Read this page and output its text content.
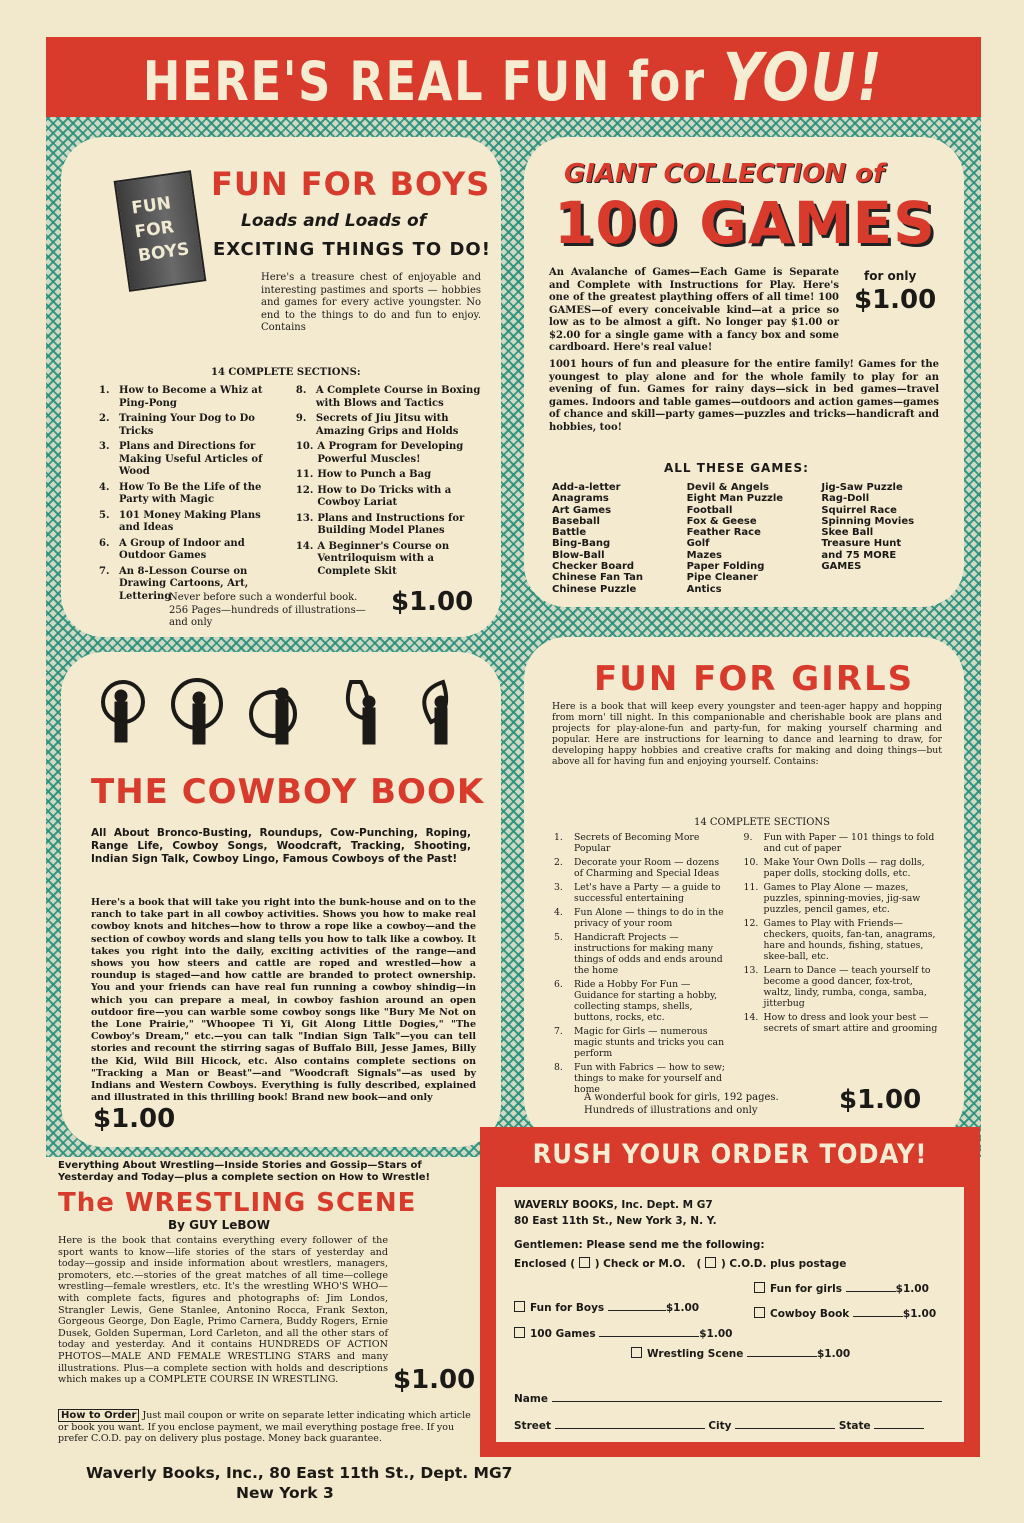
HERE'S REAL FUN for YOU!
FUN
FOR
BOYS
FUN FOR BOYS
Loads and Loads of
EXCITING THINGS TO DO!

Here's a treasure chest of enjoyable and interesting pastimes and sports — hobbies and games for every active youngster. No end to the things to do and fun to enjoy. Contains

14 COMPLETE SECTIONS:
1. How to Become a Whiz at Ping-Pong
2. Training Your Dog to Do Tricks
3. Plans and Directions for Making Useful Articles of Wood
4. How To Be the Life of the Party with Magic
5. 101 Money Making Plans and Ideas
6. A Group of Indoor and Outdoor Games
7. An 8-Lesson Course on Drawing Cartoons, Art, Lettering
8. A Complete Course in Boxing with Blows and Tactics
9. Secrets of Jiu Jitsu with Amazing Grips and Holds
10. A Program for Developing Powerful Muscles!
11. How to Punch a Bag
12. How to Do Tricks with a Cowboy Lariat
13. Plans and Instructions for Building Model Planes
14. A Beginner's Course on Ventriloquism with a Complete Skit

Never before such a wonderful book. 256 Pages—hundreds of illustrations—and only

$1.00
GIANT COLLECTION of
100 GAMES

An Avalanche of Games—Each Game is Separate and Complete with Instructions for Play. Here's one of the greatest plaything offers of all time! 100 GAMES—of every conceivable kind—at a price so low as to be almost a gift. No longer pay $1.00 or $2.00 for a single game with a fancy box and some cardboard. Here's real value!

for only
$1.00

1001 hours of fun and pleasure for the entire family! Games for the youngest to play alone and for the whole family to play for an evening of fun. Games for rainy days—sick in bed games—travel games. Indoors and table games—outdoors and action games—games of chance and skill—party games—puzzles and tricks—handicraft and hobbies, too!

ALL THESE GAMES:
Add-a-letter
Anagrams
Art Games
Baseball
Battle
Bing-Bang
Blow-Ball
Checker Board
Chinese Fan Tan
Chinese Puzzle
Devil & Angels
Eight Man Puzzle
Football
Fox & Geese
Feather Race
Golf
Mazes
Paper Folding
Pipe Cleaner
Antics
Jig-Saw Puzzle
Rag-Doll
Squirrel Race
Spinning Movies
Skee Ball
Treasure Hunt
and 75 MORE
GAMES
THE COWBOY BOOK

All About Bronco-Busting, Roundups, Cow-Punching, Roping, Range Life, Cowboy Songs, Woodcraft, Tracking, Shooting, Indian Sign Talk, Cowboy Lingo, Famous Cowboys of the Past!

Here's a book that will take you right into the bunk-house and on to the ranch to take part in all cowboy activities. Shows you how to make real cowboy knots and hitches—how to throw a rope like a cowboy—and the section of cowboy words and slang tells you how to talk like a cowboy. It takes you right into the daily, exciting activities of the range—and shows you how steers and cattle are roped and wrestled—how a roundup is staged—and how cattle are branded to protect ownership. You and your friends can have real fun running a cowboy shindig—in which you can prepare a meal, in cowboy fashion around an open outdoor fire—you can warble some cowboy songs like "Bury Me Not on the Lone Prairie," "Whoopee Ti Yi, Git Along Little Dogies," "The Cowboy's Dream," etc.—you can talk "Indian Sign Talk"—you can tell stories and recount the stirring sagas of Buffalo Bill, Jesse James, Billy the Kid, Wild Bill Hicock, etc. Also contains complete sections on "Tracking a Man or Beast"—and "Woodcraft Signals"—as used by Indians and Western Cowboys. Everything is fully described, explained and illustrated in this thrilling book! Brand new book—and only

$1.00
FUN FOR GIRLS

Here is a book that will keep every youngster and teen-ager happy and hopping from morn' till night. In this companionable and cherishable book are plans and projects for play-alone-fun and party-fun, for making yourself charming and popular. Here are instructions for learning to dance and learning to draw, for developing happy hobbies and creative crafts for making and doing things—but above all for having fun and enjoying yourself. Contains:

14 COMPLETE SECTIONS
1.	Secrets of Becoming More Popular
2.	Decorate your Room — dozens of Charming and Special Ideas
3.	Let's have a Party — a guide to successful entertaining
4.	Fun Alone — things to do in the privacy of your room
5.	Handicraft Projects — instructions for making many things of odds and ends around the home
6.	Ride a Hobby For Fun — Guidance for starting a hobby, collecting stamps, shells, buttons, rocks, etc.
7.	Magic for Girls — numerous magic stunts and tricks you can perform
8.	Fun with Fabrics — how to sew; things to make for yourself and home
9.	Fun with Paper — 101 things to fold and cut of paper
10. Make Your Own Dolls — rag dolls, paper dolls, stocking dolls, etc.
11. Games to Play Alone — mazes, puzzles, spinning-movies, jig-saw puzzles, pencil games, etc.
12. Games to Play with Friends—checkers, quoits, fan-tan, anagrams, hare and hounds, fishing, statues, skee-ball, etc.
13. Learn to Dance — teach yourself to become a good dancer, fox-trot, waltz, lindy, rumba, conga, samba, jitterbug
14. How to dress and look your best — secrets of smart attire and grooming

A wonderful book for girls, 192 pages. Hundreds of illustrations and only	$1.00

Everything About Wrestling—Inside Stories and Gossip—Stars of Yesterday and Today—plus a complete section on How to Wrestle!

The WRESTLING SCENE
By GUY LeBOW

Here is the book that contains everything every follower of the sport wants to know—life stories of the stars of yesterday and today—gossip and inside information about wrestlers, managers, promoters, etc.—stories of the great matches of all time—college wrestling—female wrestlers, etc. It's the wrestling WHO'S WHO—with complete facts, figures and photographs of: Jim Londos, Strangler Lewis, Gene Stanlee, Antonino Rocca, Frank Sexton, Gorgeous George, Don Eagle, Primo Carnera, Buddy Rogers, Ernie Dusek, Golden Superman, Lord Carleton, and all the other stars of today and yesterday. And it contains HUNDREDS OF ACTION PHOTOS—MALE AND FEMALE WRESTLING STARS and many illustrations. Plus—a complete section with holds and descriptions which makes up a COMPLETE COURSE IN WRESTLING.	$1.00
How to Order Just mail coupon or write on separate letter indicating which article or book you want. If you enclose payment, we mail everything postage free. If you prefer C.O.D. pay on delivery plus postage. Money back guarantee.
Waverly Books, Inc., 80 East 11th St., Dept. MG7
New York 3
RUSH YOUR ORDER TODAY!
WAVERLY BOOKS, Inc. Dept. M G7
80 East 11th St., New York 3, N. Y.
Gentlemen: Please send me the following:
Enclosed ( ) Check or M.O.   ( ) C.O.D. plus postage
Fun for girls	$1.00
Fun for Boys	$1.00	Cowboy Book	$1.00
100 Games	$1.00
Wrestling Scene	$1.00
Name
Street	City	State
